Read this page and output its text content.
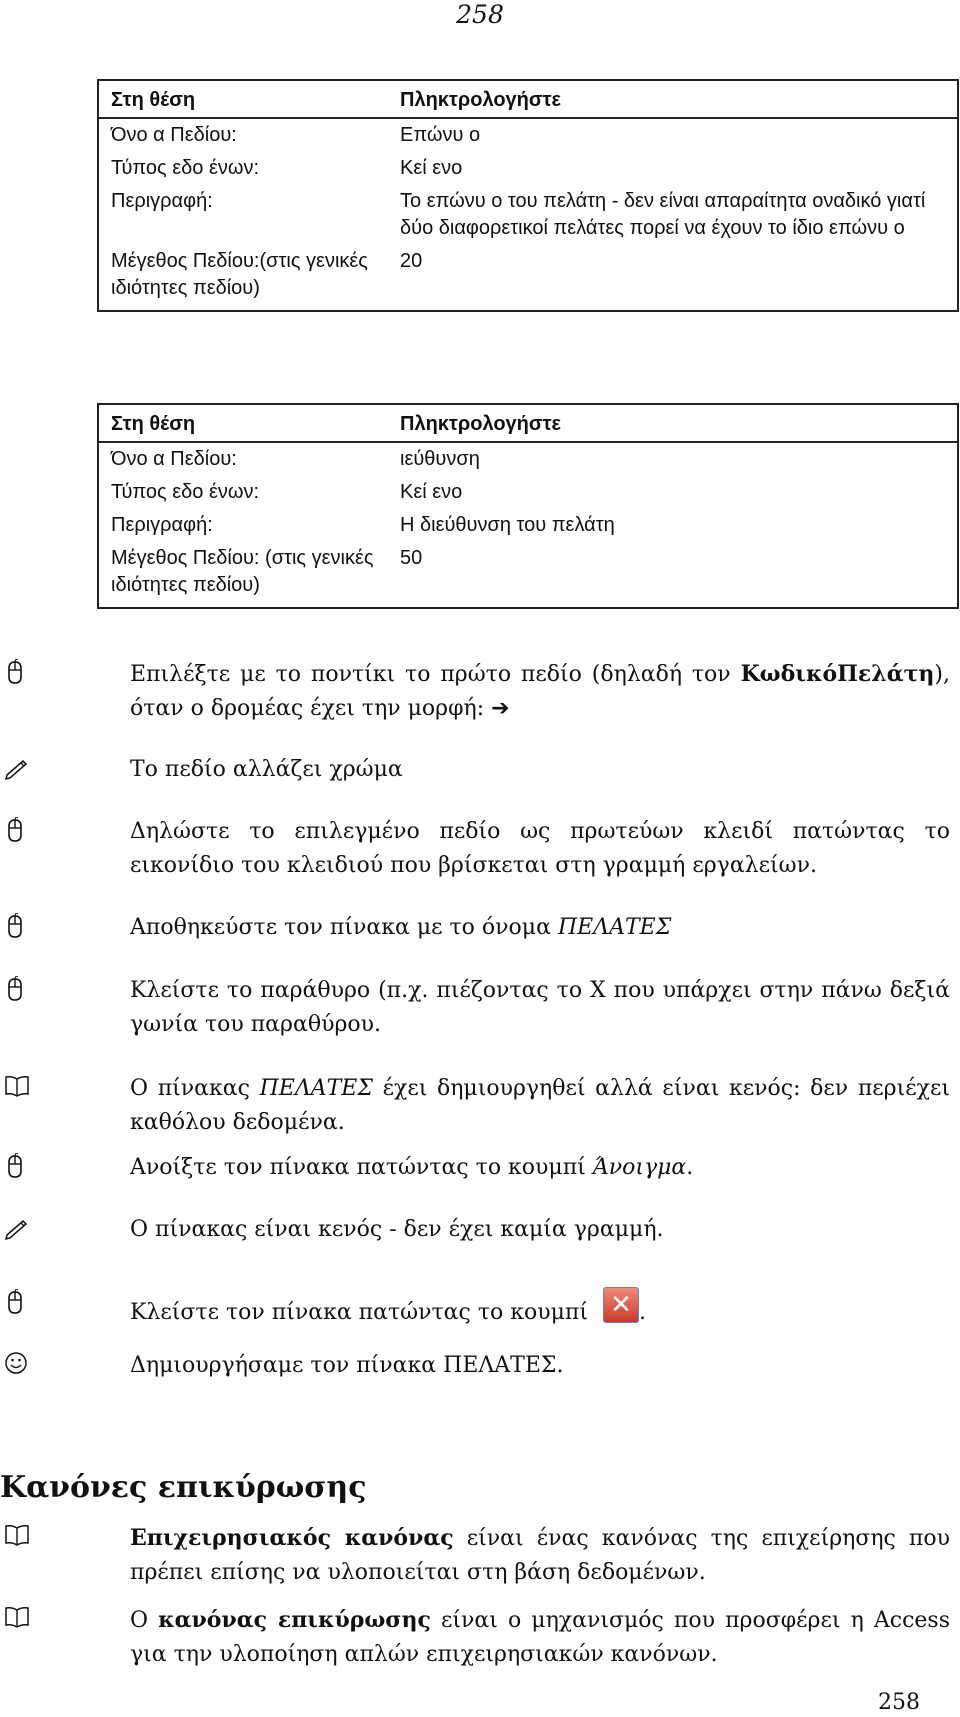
258
Στη θέση	Πληκτρολογήστε
Όνο α Πεδίου:	Επώνυ ο
Τύπος εδο ένων:	Κεί ενο
Περιγραφή:	Το επώνυ ο του πελάτη - δεν είναι απαραίτητα οναδικό γιατί δύο διαφορετικοί πελάτες πορεί να έχουν το ίδιο επώνυ ο
Μέγεθος Πεδίου:(στις γενικές ιδιότητες πεδίου)	20
Στη θέση	Πληκτρολογήστε
Όνο α Πεδίου:	ιεύθυνση
Τύπος εδο ένων:	Κεί ενο
Περιγραφή:	Η διεύθυνση του πελάτη
Μέγεθος Πεδίου: (στις γενικές ιδιότητες πεδίου)	50
Επιλέξτε με το ποντίκι το πρώτο πεδίο (δηλαδή τον ΚωδικόΠελάτη), όταν ο δρομέας έχει την μορφή: ➔
Το πεδίο αλλάζει χρώμα
Δηλώστε το επιλεγμένο πεδίο ως πρωτεύων κλειδί πατώντας το εικονίδιο του κλειδιού που βρίσκεται στη γραμμή εργαλείων.
Αποθηκεύστε τον πίνακα με το όνομα ΠΕΛΑΤΕΣ
Κλείστε το παράθυρο (π.χ. πιέζοντας το Χ που υπάρχει στην πάνω δεξιά γωνία του παραθύρου.
Ο πίνακας ΠΕΛΑΤΕΣ έχει δημιουργηθεί αλλά είναι κενός: δεν περιέχει καθόλου δεδομένα.
Ανοίξτε τον πίνακα πατώντας το κουμπί Άνοιγμα.
Ο πίνακας είναι κενός - δεν έχει καμία γραμμή.
Κλείστε τον πίνακα πατώντας το κουμπί ✕ .
Δημιουργήσαμε τον πίνακα ΠΕΛΑΤΕΣ.
Κανόνες επικύρωσης
Επιχειρησιακός κανόνας είναι ένας κανόνας της επιχείρησης που πρέπει επίσης να υλοποιείται στη βάση δεδομένων.
Ο κανόνας επικύρωσης είναι ο μηχανισμός που προσφέρει η Access για την υλοποίηση απλών επιχειρησιακών κανόνων.
258
